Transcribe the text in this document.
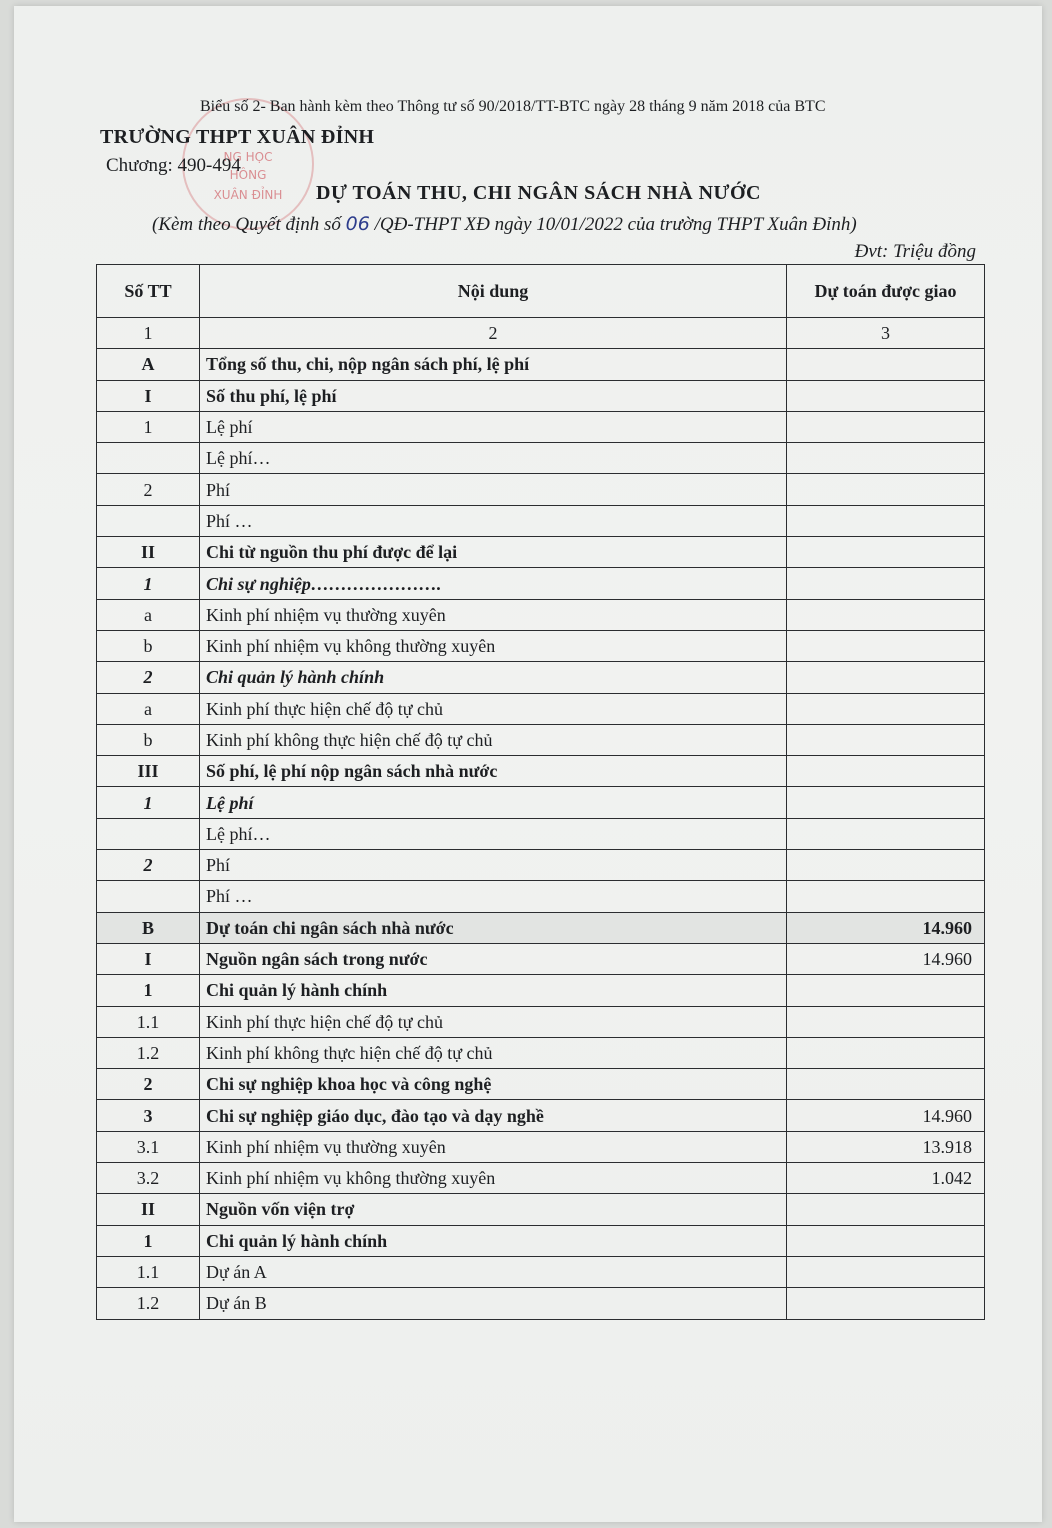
NG HỌC
HÔNG
XUÂN ĐỈNH
Biểu số 2- Ban hành kèm theo Thông tư số 90/2018/TT-BTC ngày 28 tháng 9 năm 2018 của BTC
TRƯỜNG THPT XUÂN ĐỈNH
Chương: 490-494
DỰ TOÁN THU, CHI NGÂN SÁCH NHÀ NƯỚC
(Kèm theo Quyết định số 06 /QĐ-THPT XĐ ngày 10/01/2022 của trường THPT Xuân Đỉnh)
Đvt: Triệu đồng
Số TT	Nội dung	Dự toán được giao
1	2	3
A	Tổng số thu, chi, nộp ngân sách phí, lệ phí	
I	Số thu phí, lệ phí	
1	Lệ phí	
	Lệ phí…	
2	Phí	
	Phí …	
II	Chi từ nguồn thu phí được để lại	
1	Chi sự nghiệp………………….	
a	Kinh phí nhiệm vụ thường xuyên	
b	Kinh phí nhiệm vụ không thường xuyên	
2	Chi quản lý hành chính	
a	Kinh phí thực hiện chế độ tự chủ	
b	Kinh phí không thực hiện chế độ tự chủ	
III	Số phí, lệ phí nộp ngân sách nhà nước	
1	Lệ phí	
	Lệ phí…	
2	Phí	
	Phí …	
B	Dự toán chi ngân sách nhà nước	14.960
I	Nguồn ngân sách trong nước	14.960
1	Chi quản lý hành chính	
1.1	Kinh phí thực hiện chế độ tự chủ	
1.2	Kinh phí không thực hiện chế độ tự chủ	
2	Chi sự nghiệp khoa học và công nghệ	
3	Chi sự nghiệp giáo dục, đào tạo và dạy nghề	14.960
3.1	Kinh phí nhiệm vụ thường xuyên	13.918
3.2	Kinh phí nhiệm vụ không thường xuyên	1.042
II	Nguồn vốn viện trợ	
1	Chi quản lý hành chính	
1.1	Dự án A	
1.2	Dự án B	
